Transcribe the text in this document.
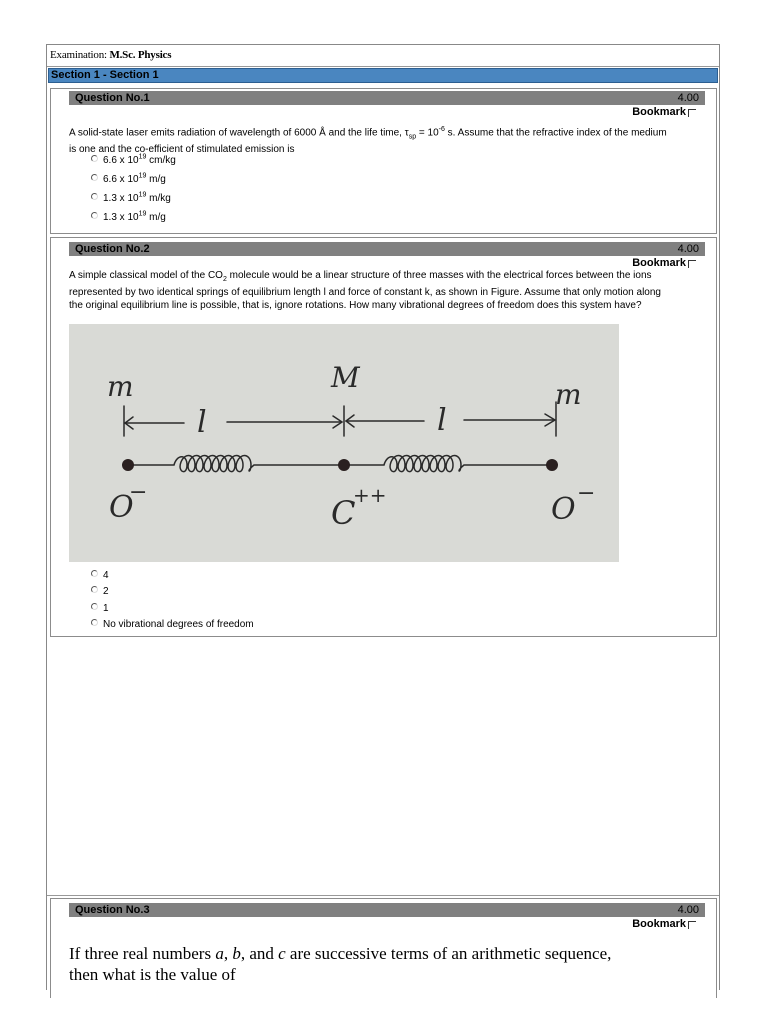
Examination: M.Sc. Physics
Section 1 - Section 1
Question No.1	4.00
Bookmark
A solid-state laser emits radiation of wavelength of 6000 Å and the life time, $\tau_{sp} = 10^{-6}$ s. Assume that the refractive index of the medium is one and the co-efficient of stimulated emission is
6.6 x $10^{19}$ cm/kg
6.6 x $10^{19}$ m/g
1.3 x $10^{19}$ m/kg
1.3 x $10^{19}$ m/g
Question No.2	4.00
Bookmark
A simple classical model of the $CO_2$ molecule would be a linear structure of three masses with the electrical forces between the ions represented by two identical springs of equilibrium length l and force of constant k, as shown in Figure. Assume that only motion along the original equilibrium line is possible, that is, ignore rotations. How many vibrational degrees of freedom does this system have?
m	M
m
l	l
O
−
C
++	O −
4
2
1
No vibrational degrees of freedom
Question No.3	4.00
Bookmark
If three real numbers a, b, and c are successive terms of an arithmetic sequence, then what is the value of
